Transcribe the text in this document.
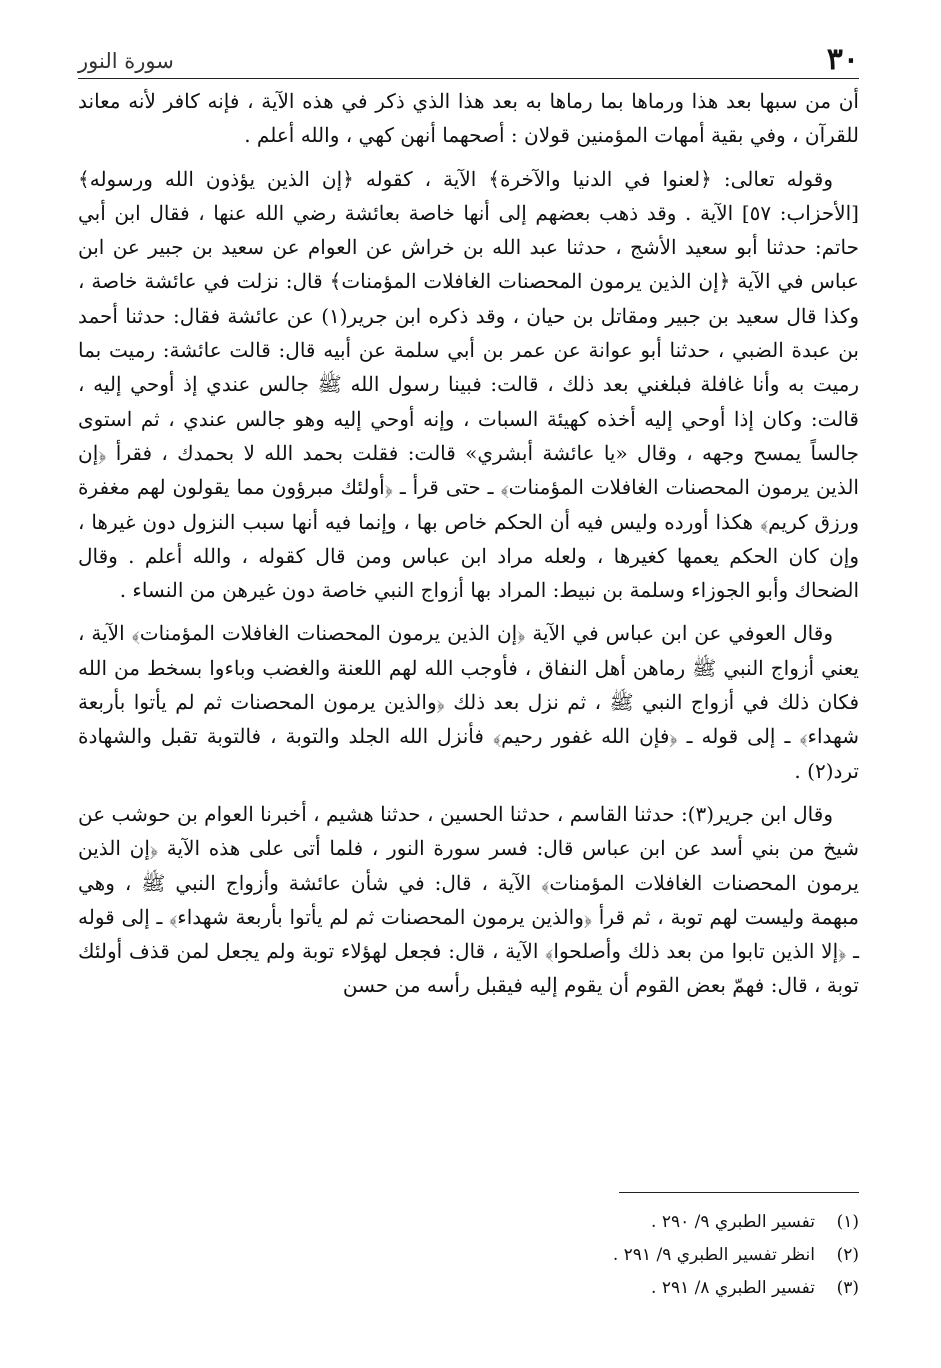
٣٠
سورة النور

أن من سبها بعد هذا ورماها بما رماها به بعد هذا الذي ذكر في هذه الآية ، فإنه كافر لأنه معاند للقرآن ، وفي بقية أمهات المؤمنين قولان : أصحهما أنهن كهي ، والله أعلم .

وقوله تعالى: ﴿لعنوا في الدنيا والآخرة﴾ الآية ، كقوله ﴿إن الذين يؤذون الله ورسوله﴾ [الأحزاب: ٥٧] الآية . وقد ذهب بعضهم إلى أنها خاصة بعائشة رضي الله عنها ، فقال ابن أبي حاتم: حدثنا أبو سعيد الأشج ، حدثنا عبد الله بن خراش عن العوام عن سعيد بن جبير عن ابن عباس في الآية ﴿إن الذين يرمون المحصنات الغافلات المؤمنات﴾ قال: نزلت في عائشة خاصة ، وكذا قال سعيد بن جبير ومقاتل بن حيان ، وقد ذكره ابن جرير(١) عن عائشة فقال: حدثنا أحمد بن عبدة الضبي ، حدثنا أبو عوانة عن عمر بن أبي سلمة عن أبيه قال: قالت عائشة: رميت بما رميت به وأنا غافلة فبلغني بعد ذلك ، قالت: فبينا رسول الله ﷺ جالس عندي إذ أوحي إليه ، قالت: وكان إذا أوحي إليه أخذه كهيئة السبات ، وإنه أوحي إليه وهو جالس عندي ، ثم استوى جالساً يمسح وجهه ، وقال «يا عائشة أبشري» قالت: فقلت بحمد الله لا بحمدك ، فقرأ ﴿إن الذين يرمون المحصنات الغافلات المؤمنات﴾ ـ حتى قرأ ـ ﴿أولئك مبرؤون مما يقولون لهم مغفرة ورزق كريم﴾ هكذا أورده وليس فيه أن الحكم خاص بها ، وإنما فيه أنها سبب النزول دون غيرها ، وإن كان الحكم يعمها كغيرها ، ولعله مراد ابن عباس ومن قال كقوله ، والله أعلم . وقال الضحاك وأبو الجوزاء وسلمة بن نبيط: المراد بها أزواج النبي خاصة دون غيرهن من النساء .

وقال العوفي عن ابن عباس في الآية ﴿إن الذين يرمون المحصنات الغافلات المؤمنات﴾ الآية ، يعني أزواج النبي ﷺ رماهن أهل النفاق ، فأوجب الله لهم اللعنة والغضب وباءوا بسخط من الله فكان ذلك في أزواج النبي ﷺ ، ثم نزل بعد ذلك ﴿والذين يرمون المحصنات ثم لم يأتوا بأربعة شهداء﴾ ـ إلى قوله ـ ﴿فإن الله غفور رحيم﴾ فأنزل الله الجلد والتوبة ، فالتوبة تقبل والشهادة ترد(٢) .

وقال ابن جرير(٣): حدثنا القاسم ، حدثنا الحسين ، حدثنا هشيم ، أخبرنا العوام بن حوشب عن شيخ من بني أسد عن ابن عباس قال: فسر سورة النور ، فلما أتى على هذه الآية ﴿إن الذين يرمون المحصنات الغافلات المؤمنات﴾ الآية ، قال: في شأن عائشة وأزواج النبي ﷺ ، وهي مبهمة وليست لهم توبة ، ثم قرأ ﴿والذين يرمون المحصنات ثم لم يأتوا بأربعة شهداء﴾ ـ إلى قوله ـ ﴿إلا الذين تابوا من بعد ذلك وأصلحوا﴾ الآية ، قال: فجعل لهؤلاء توبة ولم يجعل لمن قذف أولئك توبة ، قال: فهمّ بعض القوم أن يقوم إليه فيقبل رأسه من حسن

(١)
تفسير الطبري ٩/ ٢٩٠ .
(٢)
انظر تفسير الطبري ٩/ ٢٩١ .
(٣)
تفسير الطبري ٨/ ٢٩١ .
